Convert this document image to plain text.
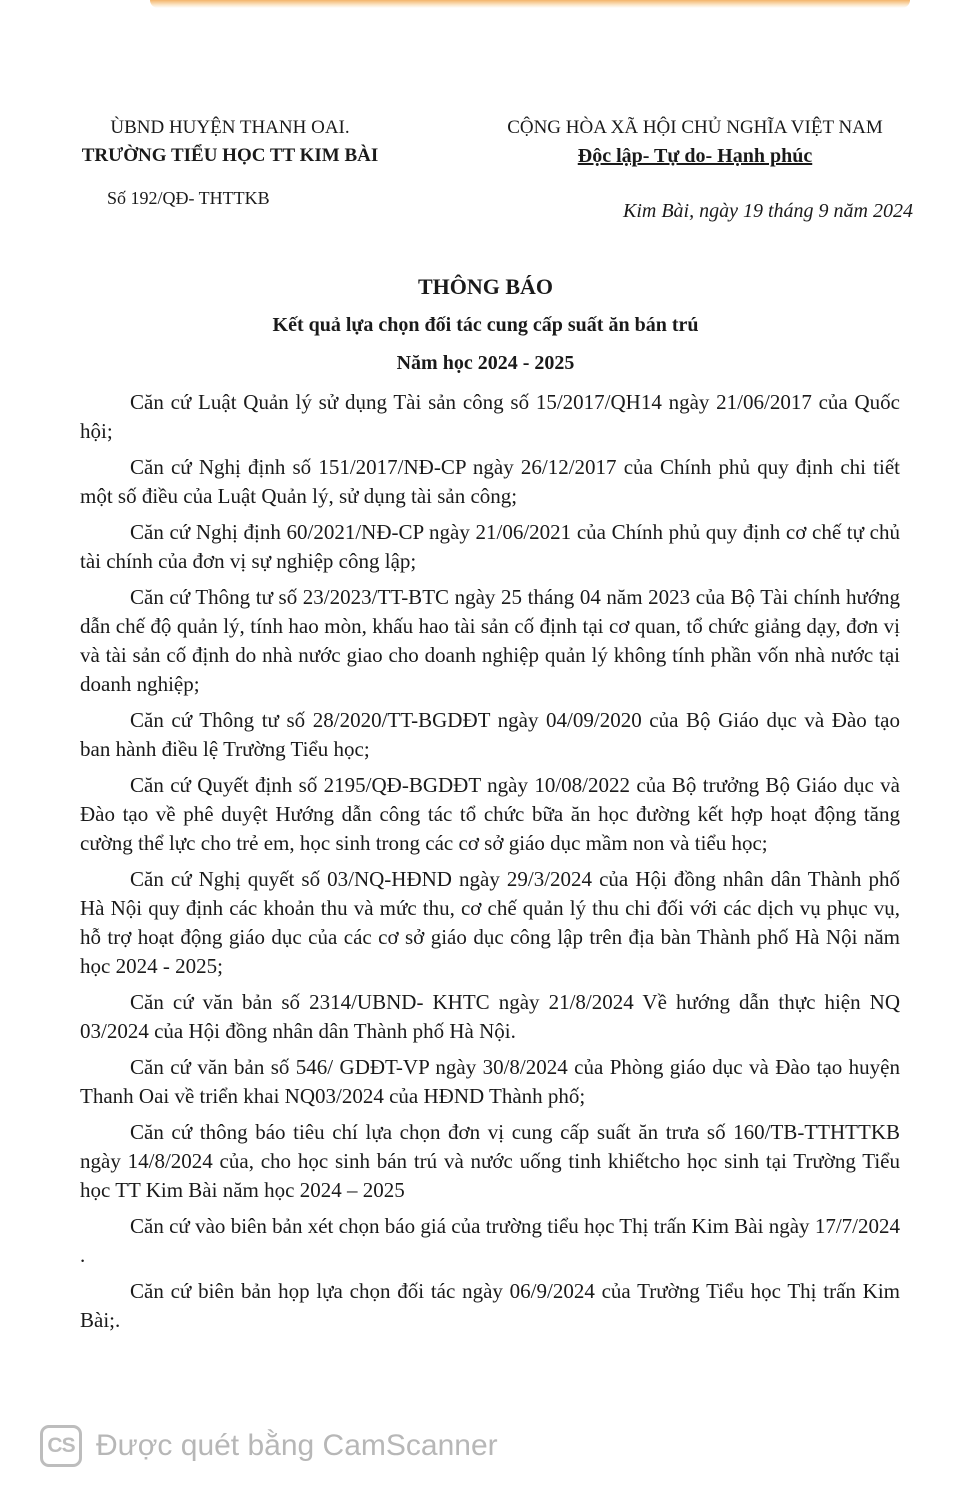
ÙBND HUYỆN THANH OAI.
TRƯỜNG TIỂU HỌC TT KIM BÀI
CỘNG HÒA XÃ HỘI CHỦ NGHĨA VIỆT NAM
Độc lập- Tự do- Hạnh phúc
Số 192/QĐ- THTTKB
Kim Bài, ngày 19 tháng 9 năm 2024
THÔNG BÁO
Kết quả lựa chọn đối tác cung cấp suất ăn bán trú
Năm học 2024 - 2025

Căn cứ Luật Quản lý sử dụng Tài sản công số 15/2017/QH14 ngày 21/06/2017 của Quốc hội;

Căn cứ Nghị định số 151/2017/NĐ-CP ngày 26/12/2017 của Chính phủ quy định chi tiết một số điều của Luật Quản lý, sử dụng tài sản công;

Căn cứ Nghị định 60/2021/NĐ-CP ngày 21/06/2021 của Chính phủ quy định cơ chế tự chủ tài chính của đơn vị sự nghiệp công lập;

Căn cứ Thông tư số 23/2023/TT-BTC ngày 25 tháng 04 năm 2023 của Bộ Tài chính hướng dẫn chế độ quản lý, tính hao mòn, khấu hao tài sản cố định tại cơ quan, tổ chức giảng dạy, đơn vị và tài sản cố định do nhà nước giao cho doanh nghiệp quản lý không tính phần vốn nhà nước tại doanh nghiệp;

Căn cứ Thông tư số 28/2020/TT-BGDĐT ngày 04/09/2020 của Bộ Giáo dục và Đào tạo ban hành điều lệ Trường Tiểu học;

Căn cứ Quyết định số 2195/QĐ-BGDĐT ngày 10/08/2022 của Bộ trưởng Bộ Giáo dục và Đào tạo về phê duyệt Hướng dẫn công tác tổ chức bữa ăn học đường kết hợp hoạt động tăng cường thể lực cho trẻ em, học sinh trong các cơ sở giáo dục mầm non và tiểu học;

Căn cứ Nghị quyết số 03/NQ-HĐND ngày 29/3/2024 của Hội đồng nhân dân Thành phố Hà Nội quy định các khoản thu và mức thu, cơ chế quản lý thu chi đối với các dịch vụ phục vụ, hỗ trợ hoạt động giáo dục của các cơ sở giáo dục công lập trên địa bàn Thành phố Hà Nội năm học 2024 - 2025;

Căn cứ văn bản số 2314/UBND- KHTC ngày 21/8/2024 Về hướng dẫn thực hiện NQ 03/2024 của Hội đồng nhân dân Thành phố Hà Nội.

Căn cứ văn bản số 546/ GDĐT-VP ngày 30/8/2024 của Phòng giáo dục và Đào tạo huyện Thanh Oai về triển khai NQ03/2024 của HĐND Thành phố;

Căn cứ thông báo tiêu chí lựa chọn đơn vị cung cấp suất ăn trưa số 160/TB-TTHTTKB ngày 14/8/2024 của, cho học sinh bán trú và nước uống tinh khiếtcho học sinh tại Trường Tiểu học TT Kim Bài năm học 2024 – 2025

Căn cứ vào biên bản xét chọn báo giá của trường tiểu học Thị trấn Kim Bài ngày 17/7/2024 .

Căn cứ biên bản họp lựa chọn đối tác ngày 06/9/2024 của Trường Tiểu học Thị trấn Kim Bài;.

CS Được quét bằng CamScanner
